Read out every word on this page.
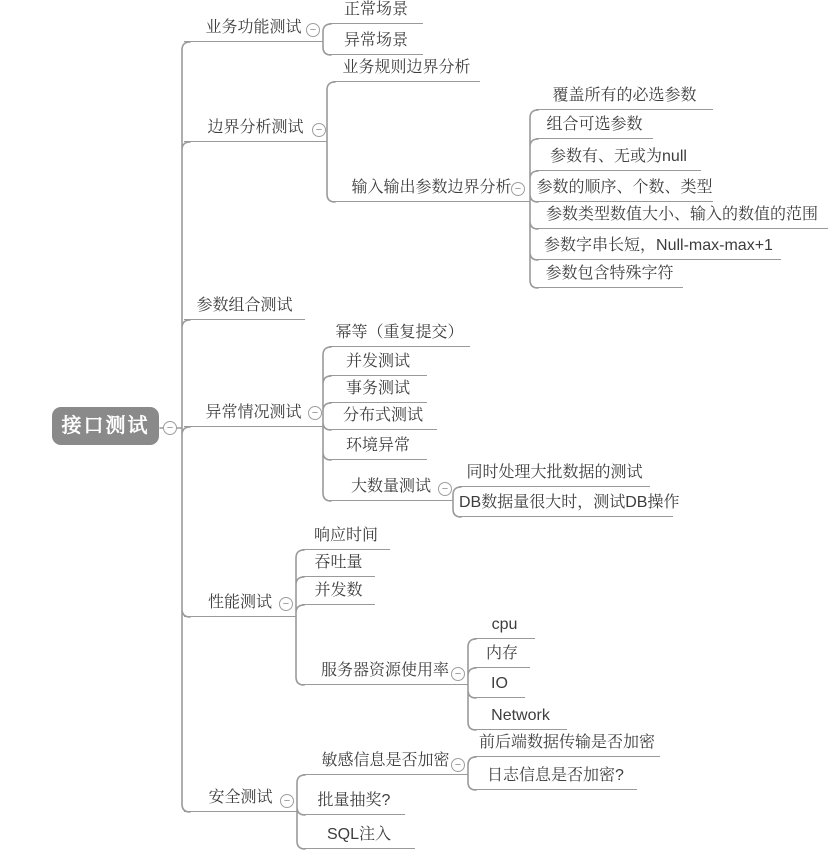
接口测试
业务功能测试
正常场景
异常场景
边界分析测试
业务规则边界分析
输入输出参数边界分析
覆盖所有的必选参数
组合可选参数
参数有、无或为null
参数的顺序、个数、类型
参数类型数值大小、输入的数值的范围
参数字串长短，Null-max-max+1
参数包含特殊字符
参数组合测试
异常情况测试
幂等（重复提交）
并发测试
事务测试
分布式测试
环境异常
大数量测试
同时处理大批数据的测试
DB数据量很大时，测试DB操作
性能测试
响应时间
吞吐量
并发数
服务器资源使用率
cpu
内存
IO
Network
安全测试
敏感信息是否加密
前后端数据传输是否加密
日志信息是否加密?
批量抽奖?
SQL注入
−
−
−
−
−
−
−
−
−
−
